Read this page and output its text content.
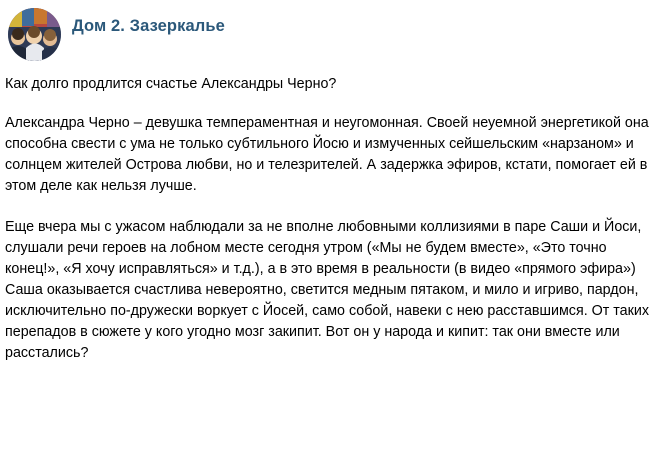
Дом 2. Зазеркалье
Как долго продлится счастье Александры Черно?

Александра Черно – девушка темпераментная и неугомонная. Своей неуемной энергетикой она способна свести с ума не только субтильного Йосю и измученных сейшельским «нарзаном» и солнцем жителей Острова любви, но и телезрителей. А задержка эфиров, кстати, помогает ей в этом деле как нельзя лучше.

Еще вчера мы с ужасом наблюдали за не вполне любовными коллизиями в паре Саши и Йоси, слушали речи героев на лобном месте сегодня утром («Мы не будем вместе», «Это точно конец!», «Я хочу исправляться» и т.д.), а в это время в реальности (в видео «прямого эфира») Саша оказывается счастлива невероятно, светится медным пятаком, и мило и игриво, пардон, исключительно по-дружески воркует с Йосей, само собой, навеки с нею расставшимся. От таких перепадов в сюжете у кого угодно мозг закипит. Вот он у народа и кипит: так они вместе или расстались?
